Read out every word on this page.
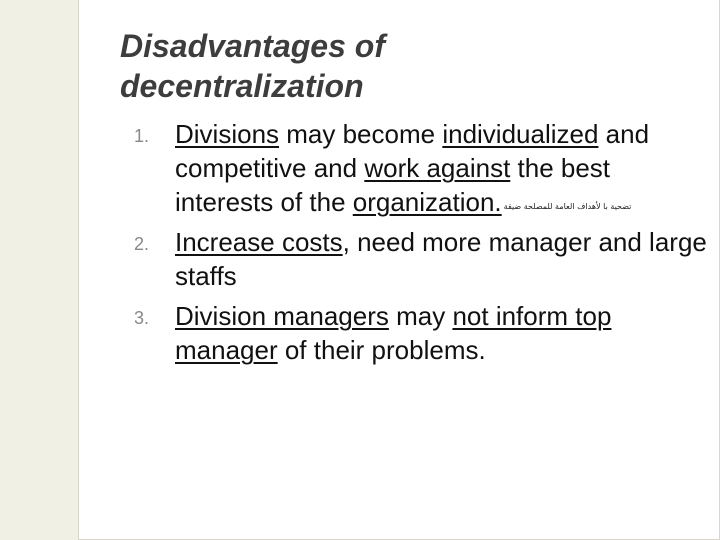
Disadvantages of
decentralization
1. Divisions may become individualized and competitive and work against the best interests of the organization. تضحية با لأهداف العامة للمصلحة ضيقة
2. Increase costs, need more manager and large staffs
3. Division managers may not inform top manager of their problems.
